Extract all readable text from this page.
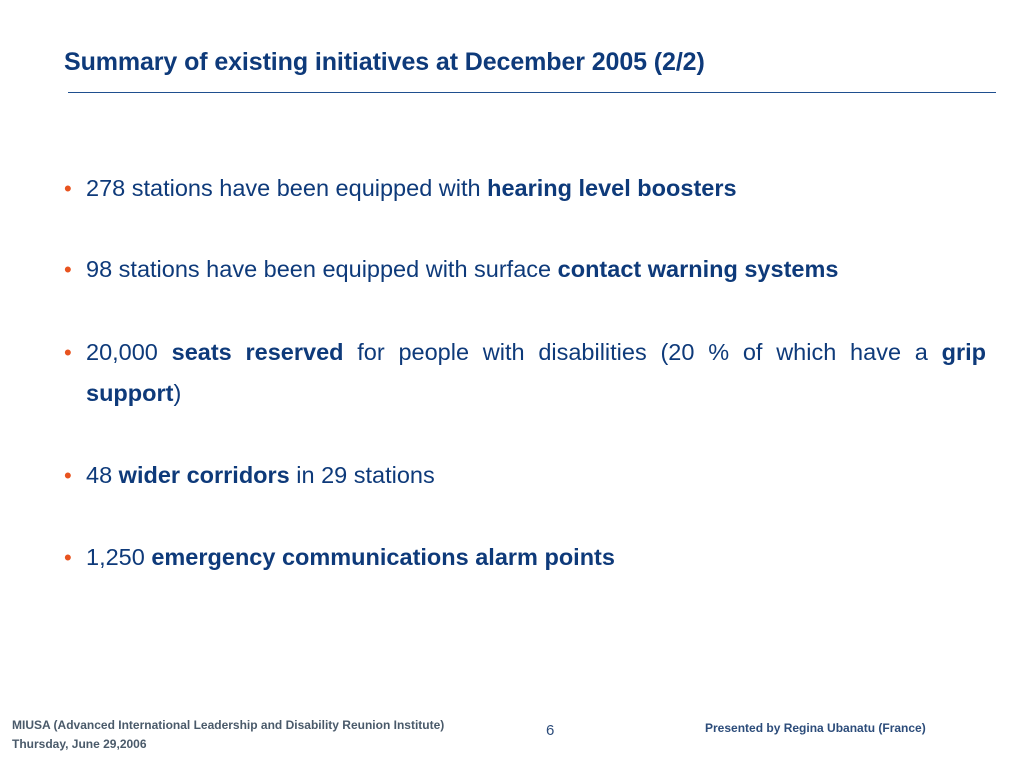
Summary of existing initiatives at December 2005 (2/2)
• 278 stations have been equipped with hearing level boosters
• 98 stations have been equipped with surface contact warning systems
• 20,000 seats reserved for people with disabilities (20 % of which have a grip support)
• 48 wider corridors in 29 stations
• 1,250 emergency communications alarm points
MIUSA (Advanced International Leadership and Disability Reunion Institute)
Thursday, June 29,2006
6	Presented by Regina Ubanatu (France)
